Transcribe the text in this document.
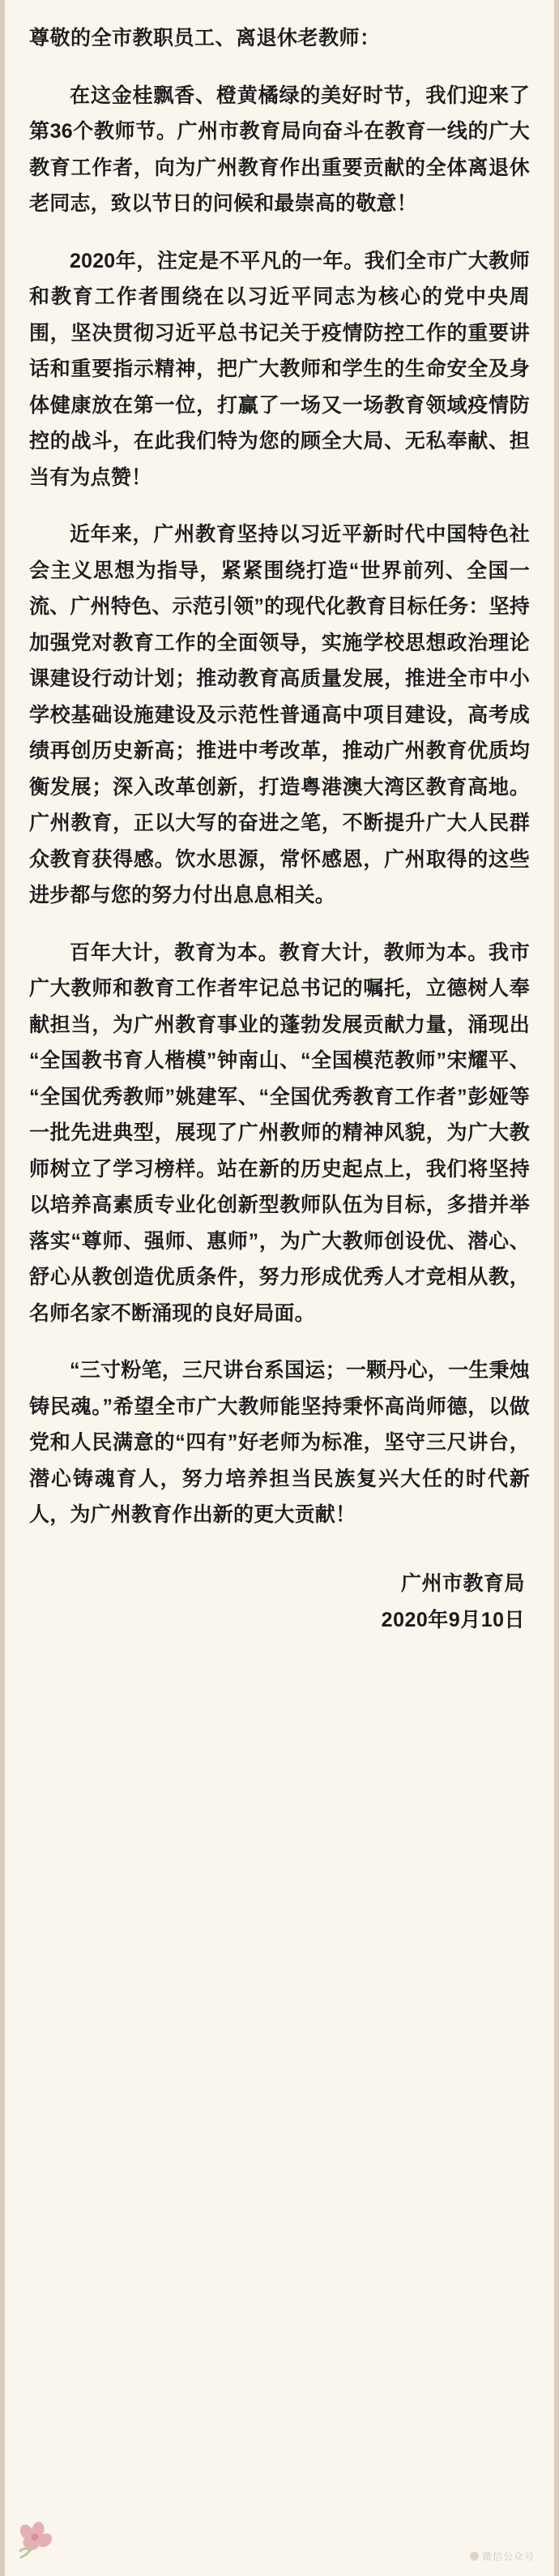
尊敬的全市教职员工、离退休老教师：

在这金桂飘香、橙黄橘绿的美好时节，我们迎来了第36个教师节。广州市教育局向奋斗在教育一线的广大教育工作者，向为广州教育作出重要贡献的全体离退休老同志，致以节日的问候和最崇高的敬意！

2020年，注定是不平凡的一年。我们全市广大教师和教育工作者围绕在以习近平同志为核心的党中央周围，坚决贯彻习近平总书记关于疫情防控工作的重要讲话和重要指示精神，把广大教师和学生的生命安全及身体健康放在第一位，打赢了一场又一场教育领域疫情防控的战斗，在此我们特为您的顾全大局、无私奉献、担当有为点赞！

近年来，广州教育坚持以习近平新时代中国特色社会主义思想为指导，紧紧围绕打造“世界前列、全国一流、广州特色、示范引领”的现代化教育目标任务：坚持加强党对教育工作的全面领导，实施学校思想政治理论课建设行动计划；推动教育高质量发展，推进全市中小学校基础设施建设及示范性普通高中项目建设，高考成绩再创历史新高；推进中考改革，推动广州教育优质均衡发展；深入改革创新，打造粤港澳大湾区教育高地。广州教育，正以大写的奋进之笔，不断提升广大人民群众教育获得感。饮水思源，常怀感恩，广州取得的这些进步都与您的努力付出息息相关。

百年大计，教育为本。教育大计，教师为本。我市广大教师和教育工作者牢记总书记的嘱托，立德树人奉献担当，为广州教育事业的蓬勃发展贡献力量，涌现出“全国教书育人楷模”钟南山、“全国模范教师”宋耀平、“全国优秀教师”姚建军、“全国优秀教育工作者”彭娅等一批先进典型，展现了广州教师的精神风貌，为广大教师树立了学习榜样。站在新的历史起点上，我们将坚持以培养高素质专业化创新型教师队伍为目标，多措并举落实“尊师、强师、惠师”，为广大教师创设优、潜心、舒心从教创造优质条件，努力形成优秀人才竞相从教，名师名家不断涌现的良好局面。

“三寸粉笔，三尺讲台系国运；一颗丹心，一生秉烛铸民魂。”希望全市广大教师能坚持秉怀高尚师德，以做党和人民满意的“四有”好老师为标准，坚守三尺讲台，潜心铸魂育人，努力培养担当民族复兴大任的时代新人，为广州教育作出新的更大贡献！

广州市教育局
2020年9月10日
微信公众号
